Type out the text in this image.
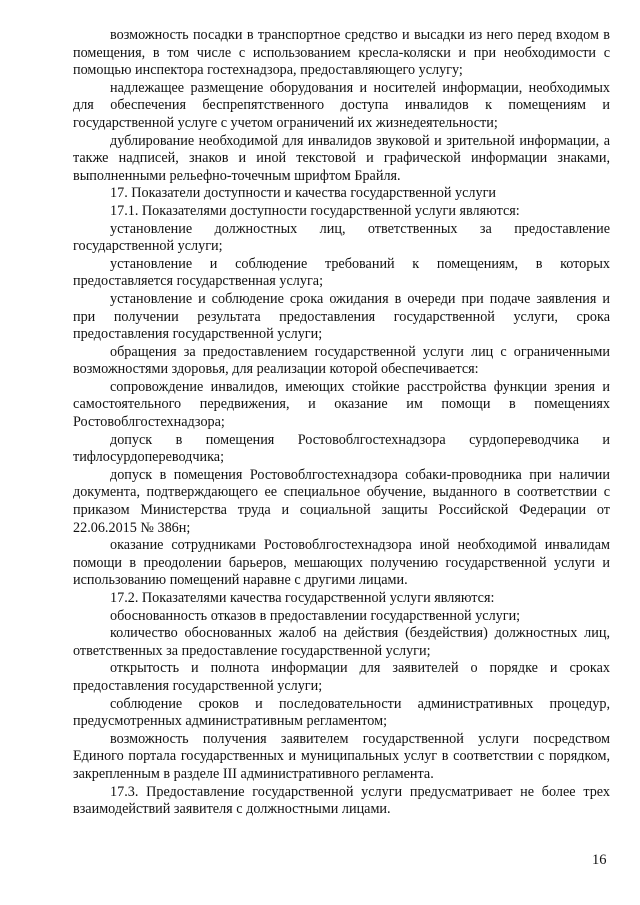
возможность посадки в транспортное средство и высадки из него перед входом в помещения, в том числе с использованием кресла-коляски и при необходимости с помощью инспектора гостехнадзора, предоставляющего услугу;

надлежащее размещение оборудования и носителей информации, необходимых для обеспечения беспрепятственного доступа инвалидов к помещениям и государственной услуге с учетом ограничений их жизнедеятельности;

дублирование необходимой для инвалидов звуковой и зрительной информации, а также надписей, знаков и иной текстовой и графической информации знаками, выполненными рельефно-точечным шрифтом Брайля.

17. Показатели доступности и качества государственной услуги

17.1. Показателями доступности государственной услуги являются:

установление должностных лиц, ответственных за предоставление государственной услуги;

установление и соблюдение требований к помещениям, в которых предоставляется государственная услуга;

установление и соблюдение срока ожидания в очереди при подаче заявления и при получении результата предоставления государственной услуги, срока предоставления государственной услуги;

обращения за предоставлением государственной услуги лиц с ограниченными возможностями здоровья, для реализации которой обеспечивается:

сопровождение инвалидов, имеющих стойкие расстройства функции зрения и самостоятельного передвижения, и оказание им помощи в помещениях Ростовоблгостехнадзора;

допуск в помещения Ростовоблгостехнадзора сурдопереводчика и тифлосурдопереводчика;

допуск в помещения Ростовоблгостехнадзора собаки-проводника при наличии документа, подтверждающего ее специальное обучение, выданного в соответствии с приказом Министерства труда и социальной защиты Российской Федерации от 22.06.2015 № 386н;

оказание сотрудниками Ростовоблгостехнадзора иной необходимой инвалидам помощи в преодолении барьеров, мешающих получению государственной услуги и использованию помещений наравне с другими лицами.

17.2. Показателями качества государственной услуги являются:

обоснованность отказов в предоставлении государственной услуги;

количество обоснованных жалоб на действия (бездействия) должностных лиц, ответственных за предоставление государственной услуги;

открытость и полнота информации для заявителей о порядке и сроках предоставления государственной услуги;

соблюдение сроков и последовательности административных процедур, предусмотренных административным регламентом;

возможность получения заявителем государственной услуги посредством Единого портала государственных и муниципальных услуг в соответствии с порядком, закрепленным в разделе III административного регламента.

17.3. Предоставление государственной услуги предусматривает не более трех взаимодействий заявителя с должностными лицами.

16
